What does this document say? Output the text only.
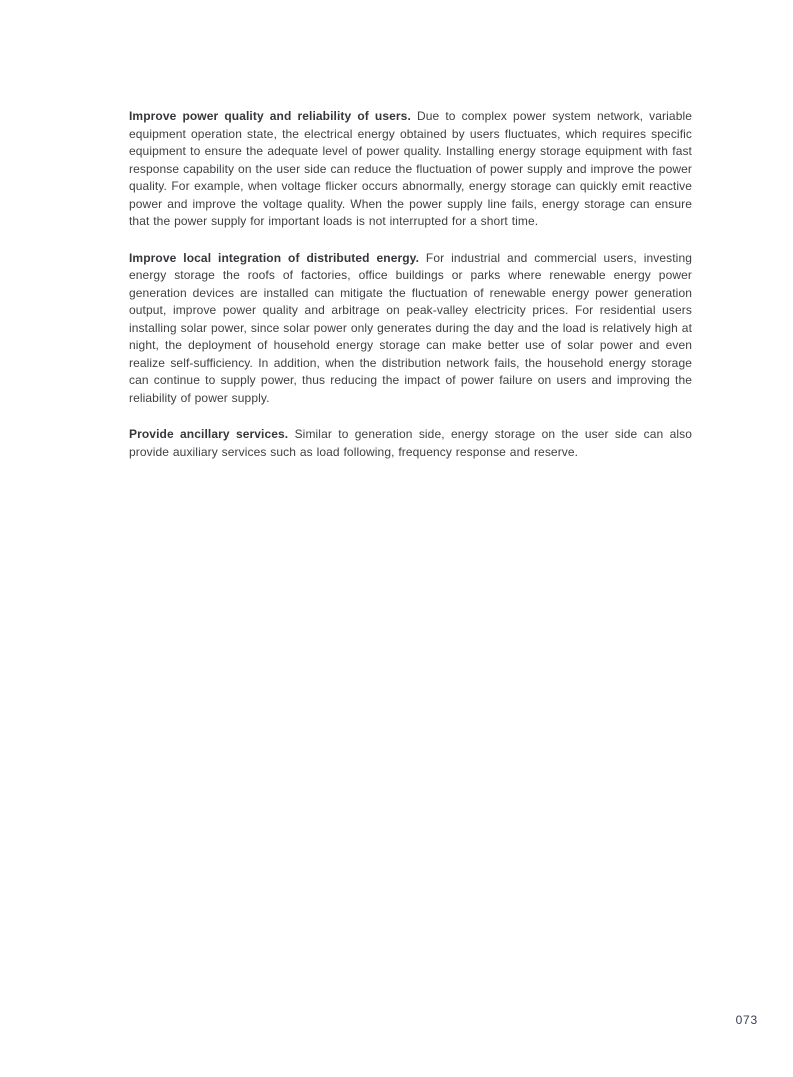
Improve power quality and reliability of users. Due to complex power system network, variable equipment operation state, the electrical energy obtained by users fluctuates, which requires specific equipment to ensure the adequate level of power quality. Installing energy storage equipment with fast response capability on the user side can reduce the fluctuation of power supply and improve the power quality. For example, when voltage flicker occurs abnormally, energy storage can quickly emit reactive power and improve the voltage quality. When the power supply line fails, energy storage can ensure that the power supply for important loads is not interrupted for a short time.

Improve local integration of distributed energy. For industrial and commercial users, investing energy storage the roofs of factories, office buildings or parks where renewable energy power generation devices are installed can mitigate the fluctuation of renewable energy power generation output, improve power quality and arbitrage on peak-valley electricity prices. For residential users installing solar power, since solar power only generates during the day and the load is relatively high at night, the deployment of household energy storage can make better use of solar power and even realize self-sufficiency. In addition, when the distribution network fails, the household energy storage can continue to supply power, thus reducing the impact of power failure on users and improving the reliability of power supply.

Provide ancillary services. Similar to generation side, energy storage on the user side can also provide auxiliary services such as load following, frequency response and reserve.

073
